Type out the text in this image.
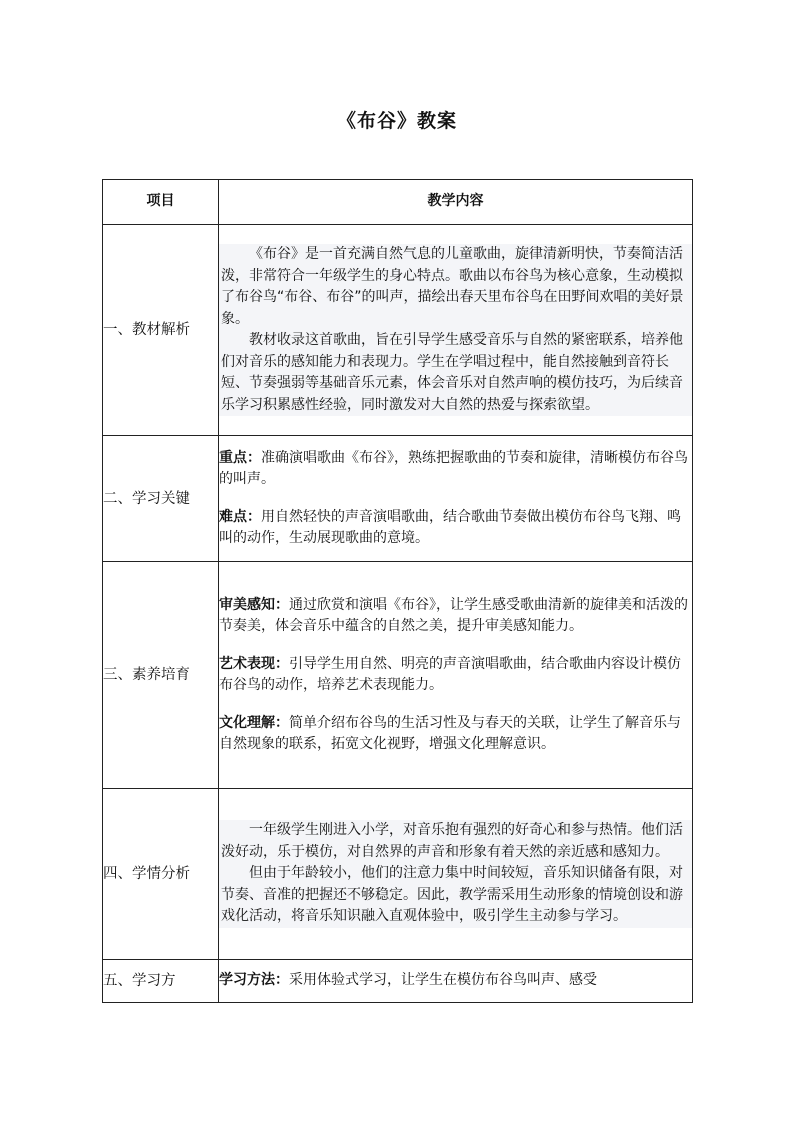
《布谷》教案
项目	教学内容
一、教材解析	《布谷》是一首充满自然气息的儿童歌曲，旋律清新明快，节奏简洁活泼，非常符合一年级学生的身心特点。歌曲以布谷鸟为核心意象，生动模拟了布谷鸟“布谷、布谷”的叫声，描绘出春天里布谷鸟在田野间欢唱的美好景象。

教材收录这首歌曲，旨在引导学生感受音乐与自然的紧密联系，培养他们对音乐的感知能力和表现力。学生在学唱过程中，能自然接触到音符长短、节奏强弱等基础音乐元素，体会音乐对自然声响的模仿技巧，为后续音乐学习积累感性经验，同时激发对大自然的热爱与探索欲望。

二、学习关键	重点：准确演唱歌曲《布谷》，熟练把握歌曲的节奏和旋律，清晰模仿布谷鸟的叫声。

难点：用自然轻快的声音演唱歌曲，结合歌曲节奏做出模仿布谷鸟飞翔、鸣叫的动作，生动展现歌曲的意境。

三、素养培育	审美感知：通过欣赏和演唱《布谷》，让学生感受歌曲清新的旋律美和活泼的节奏美，体会音乐中蕴含的自然之美，提升审美感知能力。

艺术表现：引导学生用自然、明亮的声音演唱歌曲，结合歌曲内容设计模仿布谷鸟的动作，培养艺术表现能力。

文化理解：简单介绍布谷鸟的生活习性及与春天的关联，让学生了解音乐与自然现象的联系，拓宽文化视野，增强文化理解意识。

四、学情分析	一年级学生刚进入小学，对音乐抱有强烈的好奇心和参与热情。他们活泼好动，乐于模仿，对自然界的声音和形象有着天然的亲近感和感知力。

但由于年龄较小，他们的注意力集中时间较短，音乐知识储备有限，对节奏、音准的把握还不够稳定。因此，教学需采用生动形象的情境创设和游戏化活动，将音乐知识融入直观体验中，吸引学生主动参与学习。

五、学习方	学习方法：采用体验式学习，让学生在模仿布谷鸟叫声、感受
